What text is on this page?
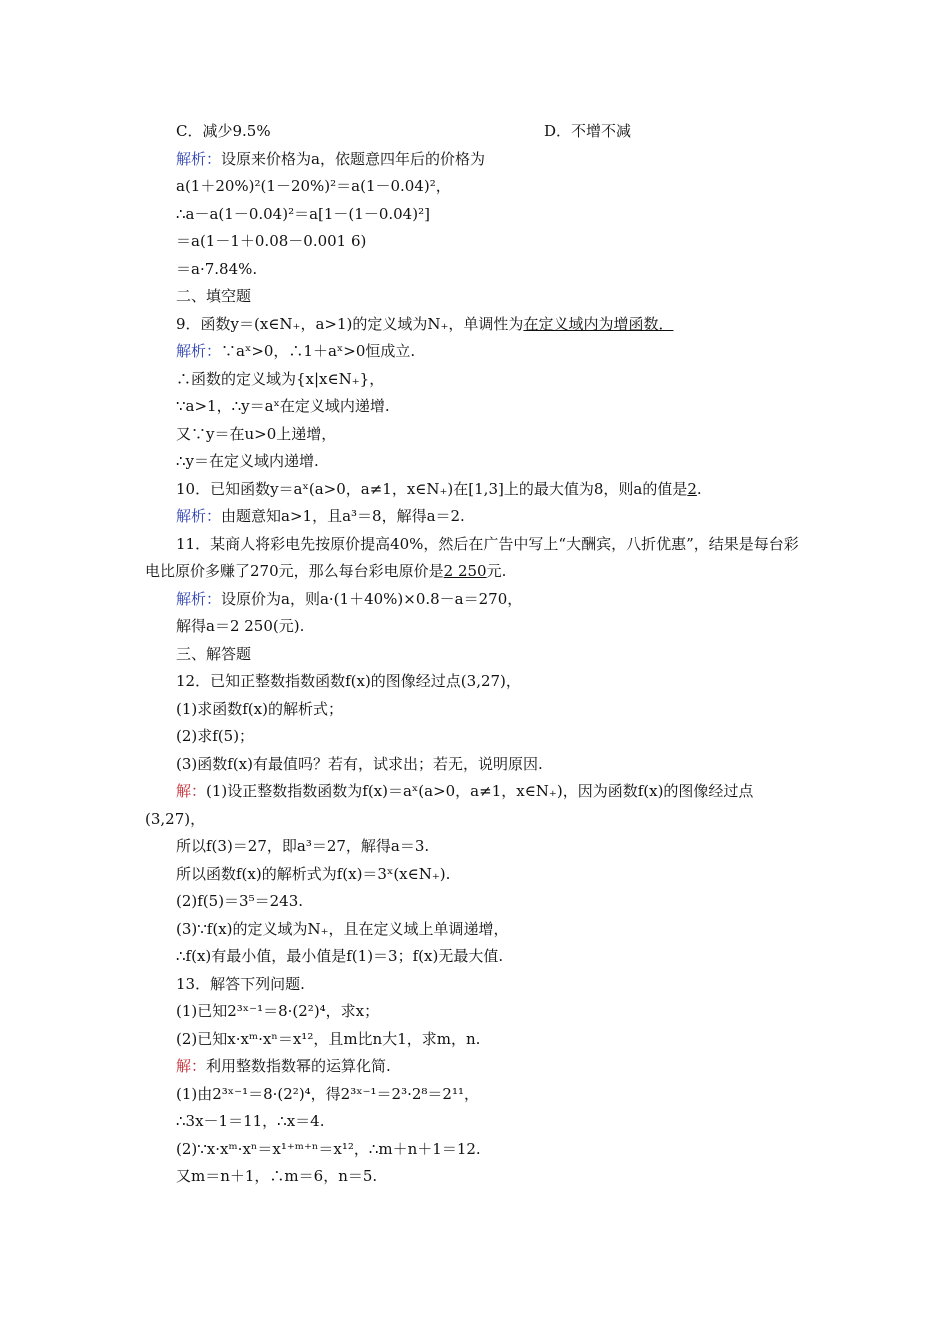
C．减少9.5%	D．不增不减
解析：设原来价格为a，依题意四年后的价格为
a(1＋20%)²(1－20%)²＝a(1－0.04)²，
∴a－a(1－0.04)²＝a[1－(1－0.04)²]
＝a(1－1＋0.08－0.001 6)
＝a·7.84%.
二、填空题
9．函数y＝(x∈N₊，a>1)的定义域为N₊，单调性为在定义域内为增函数．
解析：∵aˣ>0，∴1＋aˣ>0恒成立.
∴函数的定义域为{x|x∈N₊}，
∵a>1，∴y＝aˣ在定义域内递增.
又∵y＝在u>0上递增，
∴y＝在定义域内递增.
10．已知函数y＝aˣ(a>0，a≠1，x∈N₊)在[1,3]上的最大值为8，则a的值是2.
解析：由题意知a>1，且a³＝8，解得a＝2.
11．某商人将彩电先按原价提高40%，然后在广告中写上“大酬宾，八折优惠”，结果是每台彩电比原价多赚了270元，那么每台彩电原价是2 250元.
解析：设原价为a，则a·(1＋40%)×0.8－a＝270，
解得a＝2 250(元).
三、解答题
12．已知正整数指数函数f(x)的图像经过点(3,27)，
(1)求函数f(x)的解析式；
(2)求f(5)；
(3)函数f(x)有最值吗？若有，试求出；若无，说明原因.
解：(1)设正整数指数函数为f(x)＝aˣ(a>0，a≠1，x∈N₊)，因为函数f(x)的图像经过点(3,27)，
所以f(3)＝27，即a³＝27，解得a＝3.
所以函数f(x)的解析式为f(x)＝3ˣ(x∈N₊).
(2)f(5)＝3⁵＝243.
(3)∵f(x)的定义域为N₊，且在定义域上单调递增，
∴f(x)有最小值，最小值是f(1)＝3；f(x)无最大值.
13．解答下列问题.
(1)已知2³ˣ⁻¹＝8·(2²)⁴，求x；
(2)已知x·xᵐ·xⁿ＝x¹²，且m比n大1，求m，n.
解：利用整数指数幂的运算化简.
(1)由2³ˣ⁻¹＝8·(2²)⁴，得2³ˣ⁻¹＝2³·2⁸＝2¹¹，
∴3x－1＝11，∴x＝4.
(2)∵x·xᵐ·xⁿ＝x¹⁺ᵐ⁺ⁿ＝x¹²，∴m＋n＋1＝12.
又m＝n＋1，∴m＝6，n＝5.
